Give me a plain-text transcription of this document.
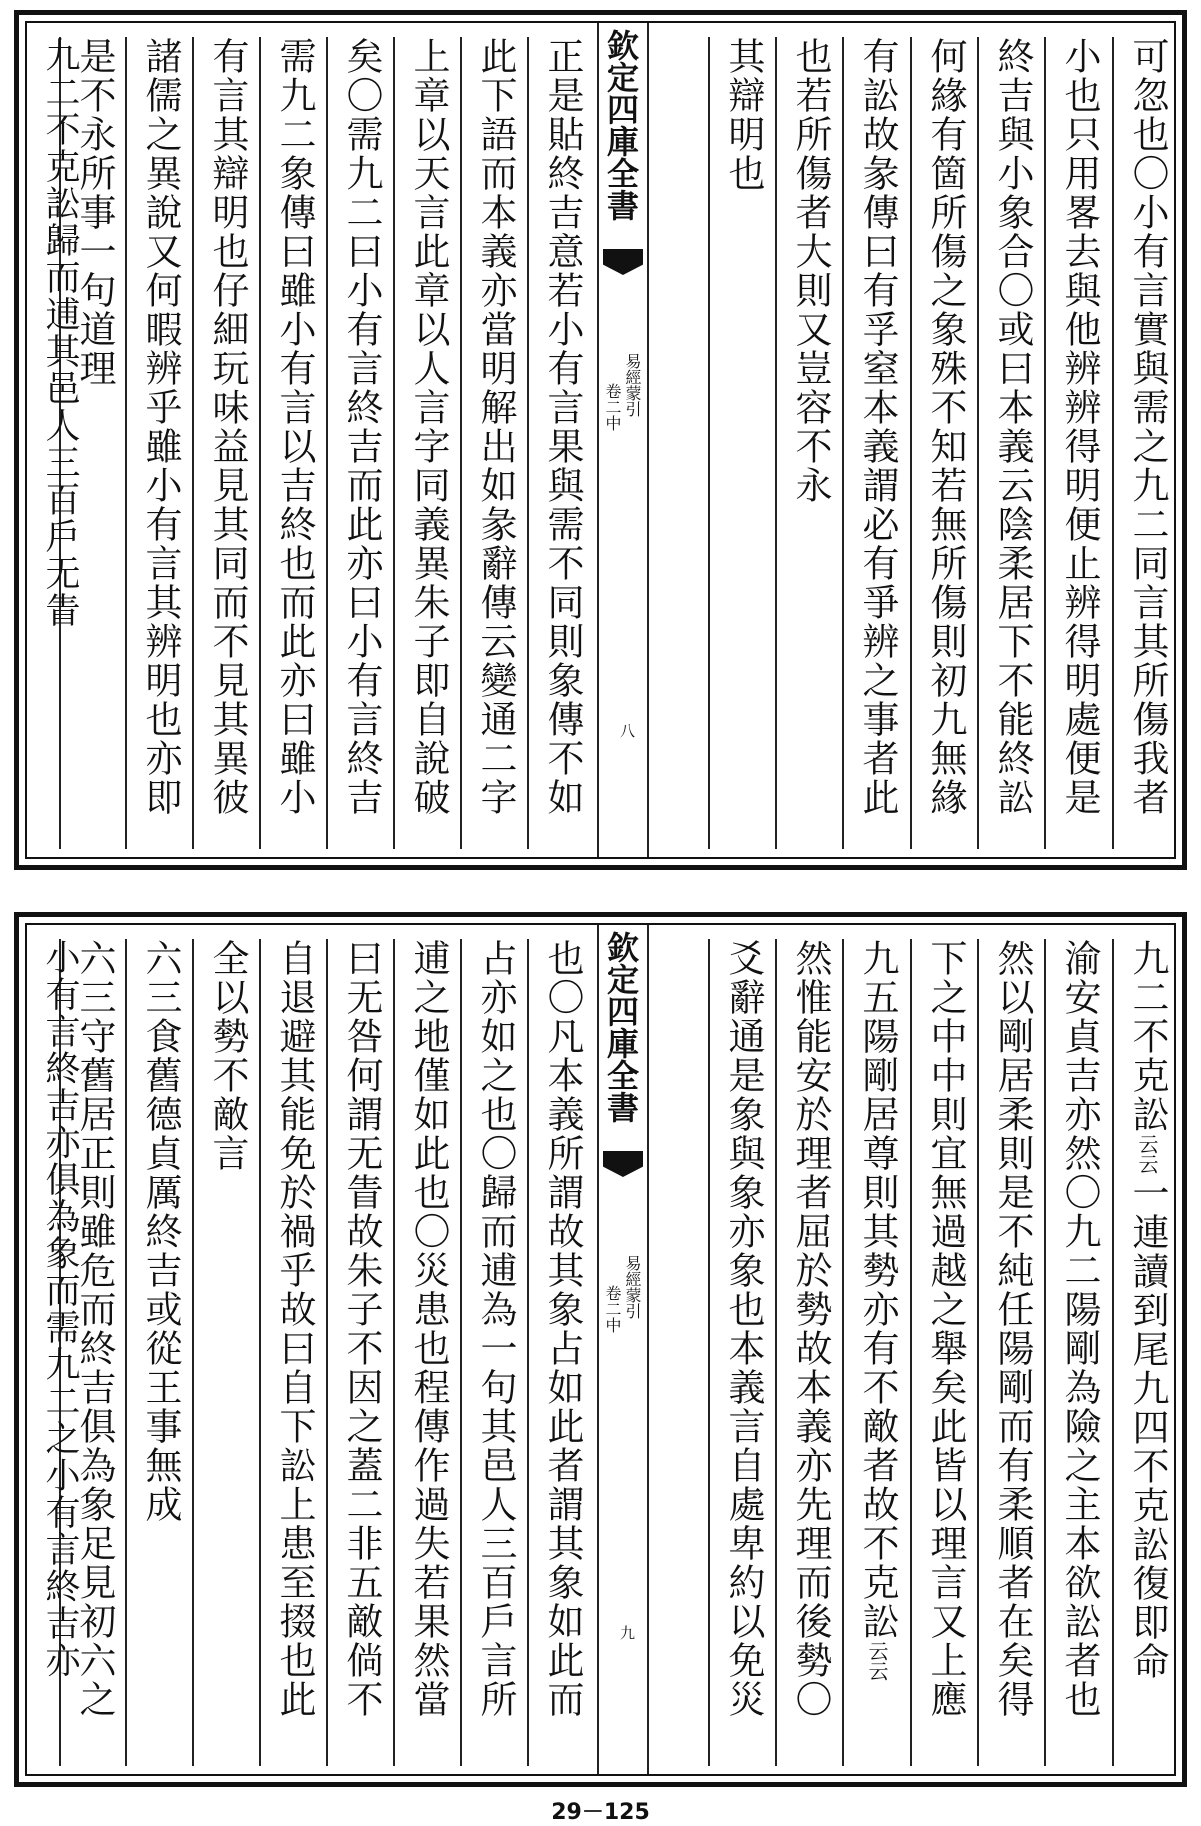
可忽也〇小有言實與需之九二同言其所傷我者
小也只用畧去與他辨辨得明便止辨得明處便是
終吉與小象合〇或曰本義云陰柔居下不能終訟
何緣有箇所傷之象殊不知若無所傷則初九無緣
有訟故彖傳曰有孚窒本義謂必有爭辨之事者此
也若所傷者大則又豈容不永
其辯明也
欽定四庫全書
易經蒙引
卷二中
八
正是貼終吉意若小有言果與需不同則象傳不如
此下語而本義亦當明解出如彖辭傳云變通二字
上章以天言此章以人言字同義異朱子即自說破
矣〇需九二曰小有言終吉而此亦曰小有言終吉
需九二象傳曰雖小有言以吉終也而此亦曰雖小
有言其辯明也仔細玩味益見其同而不見其異彼
諸儒之異說又何暇辨乎雖小有言其辨明也亦即
是不永所事一句道理
九二不克訟歸而逋其邑人三百戶无眚
九二不克訟云云一連讀到尾九四不克訟復即命
渝安貞吉亦然〇九二陽剛為險之主本欲訟者也
然以剛居柔則是不純任陽剛而有柔順者在矣得
下之中中則宜無過越之舉矣此皆以理言又上應
九五陽剛居尊則其勢亦有不敵者故不克訟云云
然惟能安於理者屈於勢故本義亦先理而後勢〇
爻辭通是象與象亦象也本義言自處卑約以免災
欽定四庫全書
易經蒙引
卷二中
九
也〇凡本義所謂故其象占如此者謂其象如此而
占亦如之也〇歸而逋為一句其邑人三百戶言所
逋之地僅如此也〇災患也程傳作過失若果然當
曰无咎何謂无眚故朱子不因之蓋二非五敵倘不
自退避其能免於禍乎故曰自下訟上患至掇也此
全以勢不敵言
六三食舊德貞厲終吉或從王事無成
六三守舊居正則雖危而終吉俱為象足見初六之
小有言終吉亦俱為象而需九二之小有言終吉亦
29－125
